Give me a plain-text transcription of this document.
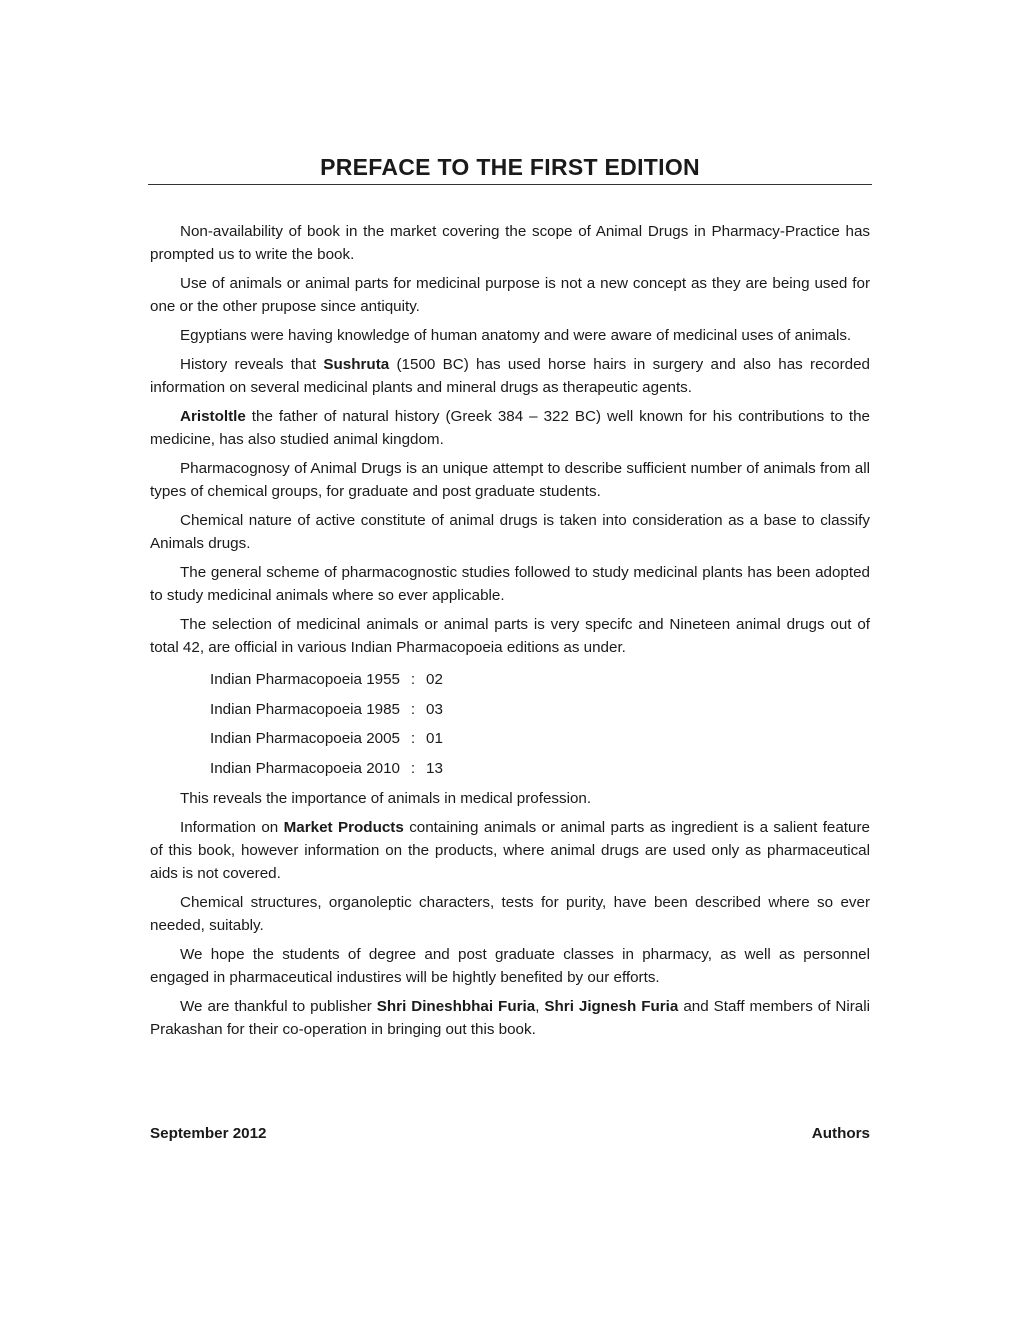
PREFACE TO THE FIRST EDITION

Non-availability of book in the market covering the scope of Animal Drugs in Pharmacy-Practice has prompted us to write the book.

Use of animals or animal parts for medicinal purpose is not a new concept as they are being used for one or the other prupose since antiquity.

Egyptians were having knowledge of human anatomy and were aware of medicinal uses of animals.

History reveals that Sushruta (1500 BC) has used horse hairs in surgery and also has recorded information on several medicinal plants and mineral drugs as therapeutic agents.

Aristoltle the father of natural history (Greek 384 – 322 BC) well known for his contributions to the medicine, has also studied animal kingdom.

Pharmacognosy of Animal Drugs is an unique attempt to describe sufficient number of animals from all types of chemical groups, for graduate and post graduate students.

Chemical nature of active constitute of animal drugs is taken into consideration as a base to classify Animals drugs.

The general scheme of pharmacognostic studies followed to study medicinal plants has been adopted to study medicinal animals where so ever applicable.

The selection of medicinal animals or animal parts is very specifc and Nineteen animal drugs out of total 42, are official in various Indian Pharmacopoeia editions as under.

Indian Pharmacopoeia 1955	:	02
Indian Pharmacopoeia 1985	:	03
Indian Pharmacopoeia 2005	:	01
Indian Pharmacopoeia 2010	:	13

This reveals the importance of animals in medical profession.

Information on Market Products containing animals or animal parts as ingredient is a salient feature of this book, however information on the products, where animal drugs are used only as pharmaceutical aids is not covered.

Chemical structures, organoleptic characters, tests for purity, have been described where so ever needed, suitably.

We hope the students of degree and post graduate classes in pharmacy, as well as personnel engaged in pharmaceutical industires will be hightly benefited by our efforts.

We are thankful to publisher Shri Dineshbhai Furia, Shri Jignesh Furia and Staff members of Nirali Prakashan for their co-operation in bringing out this book.

September 2012	Authors
